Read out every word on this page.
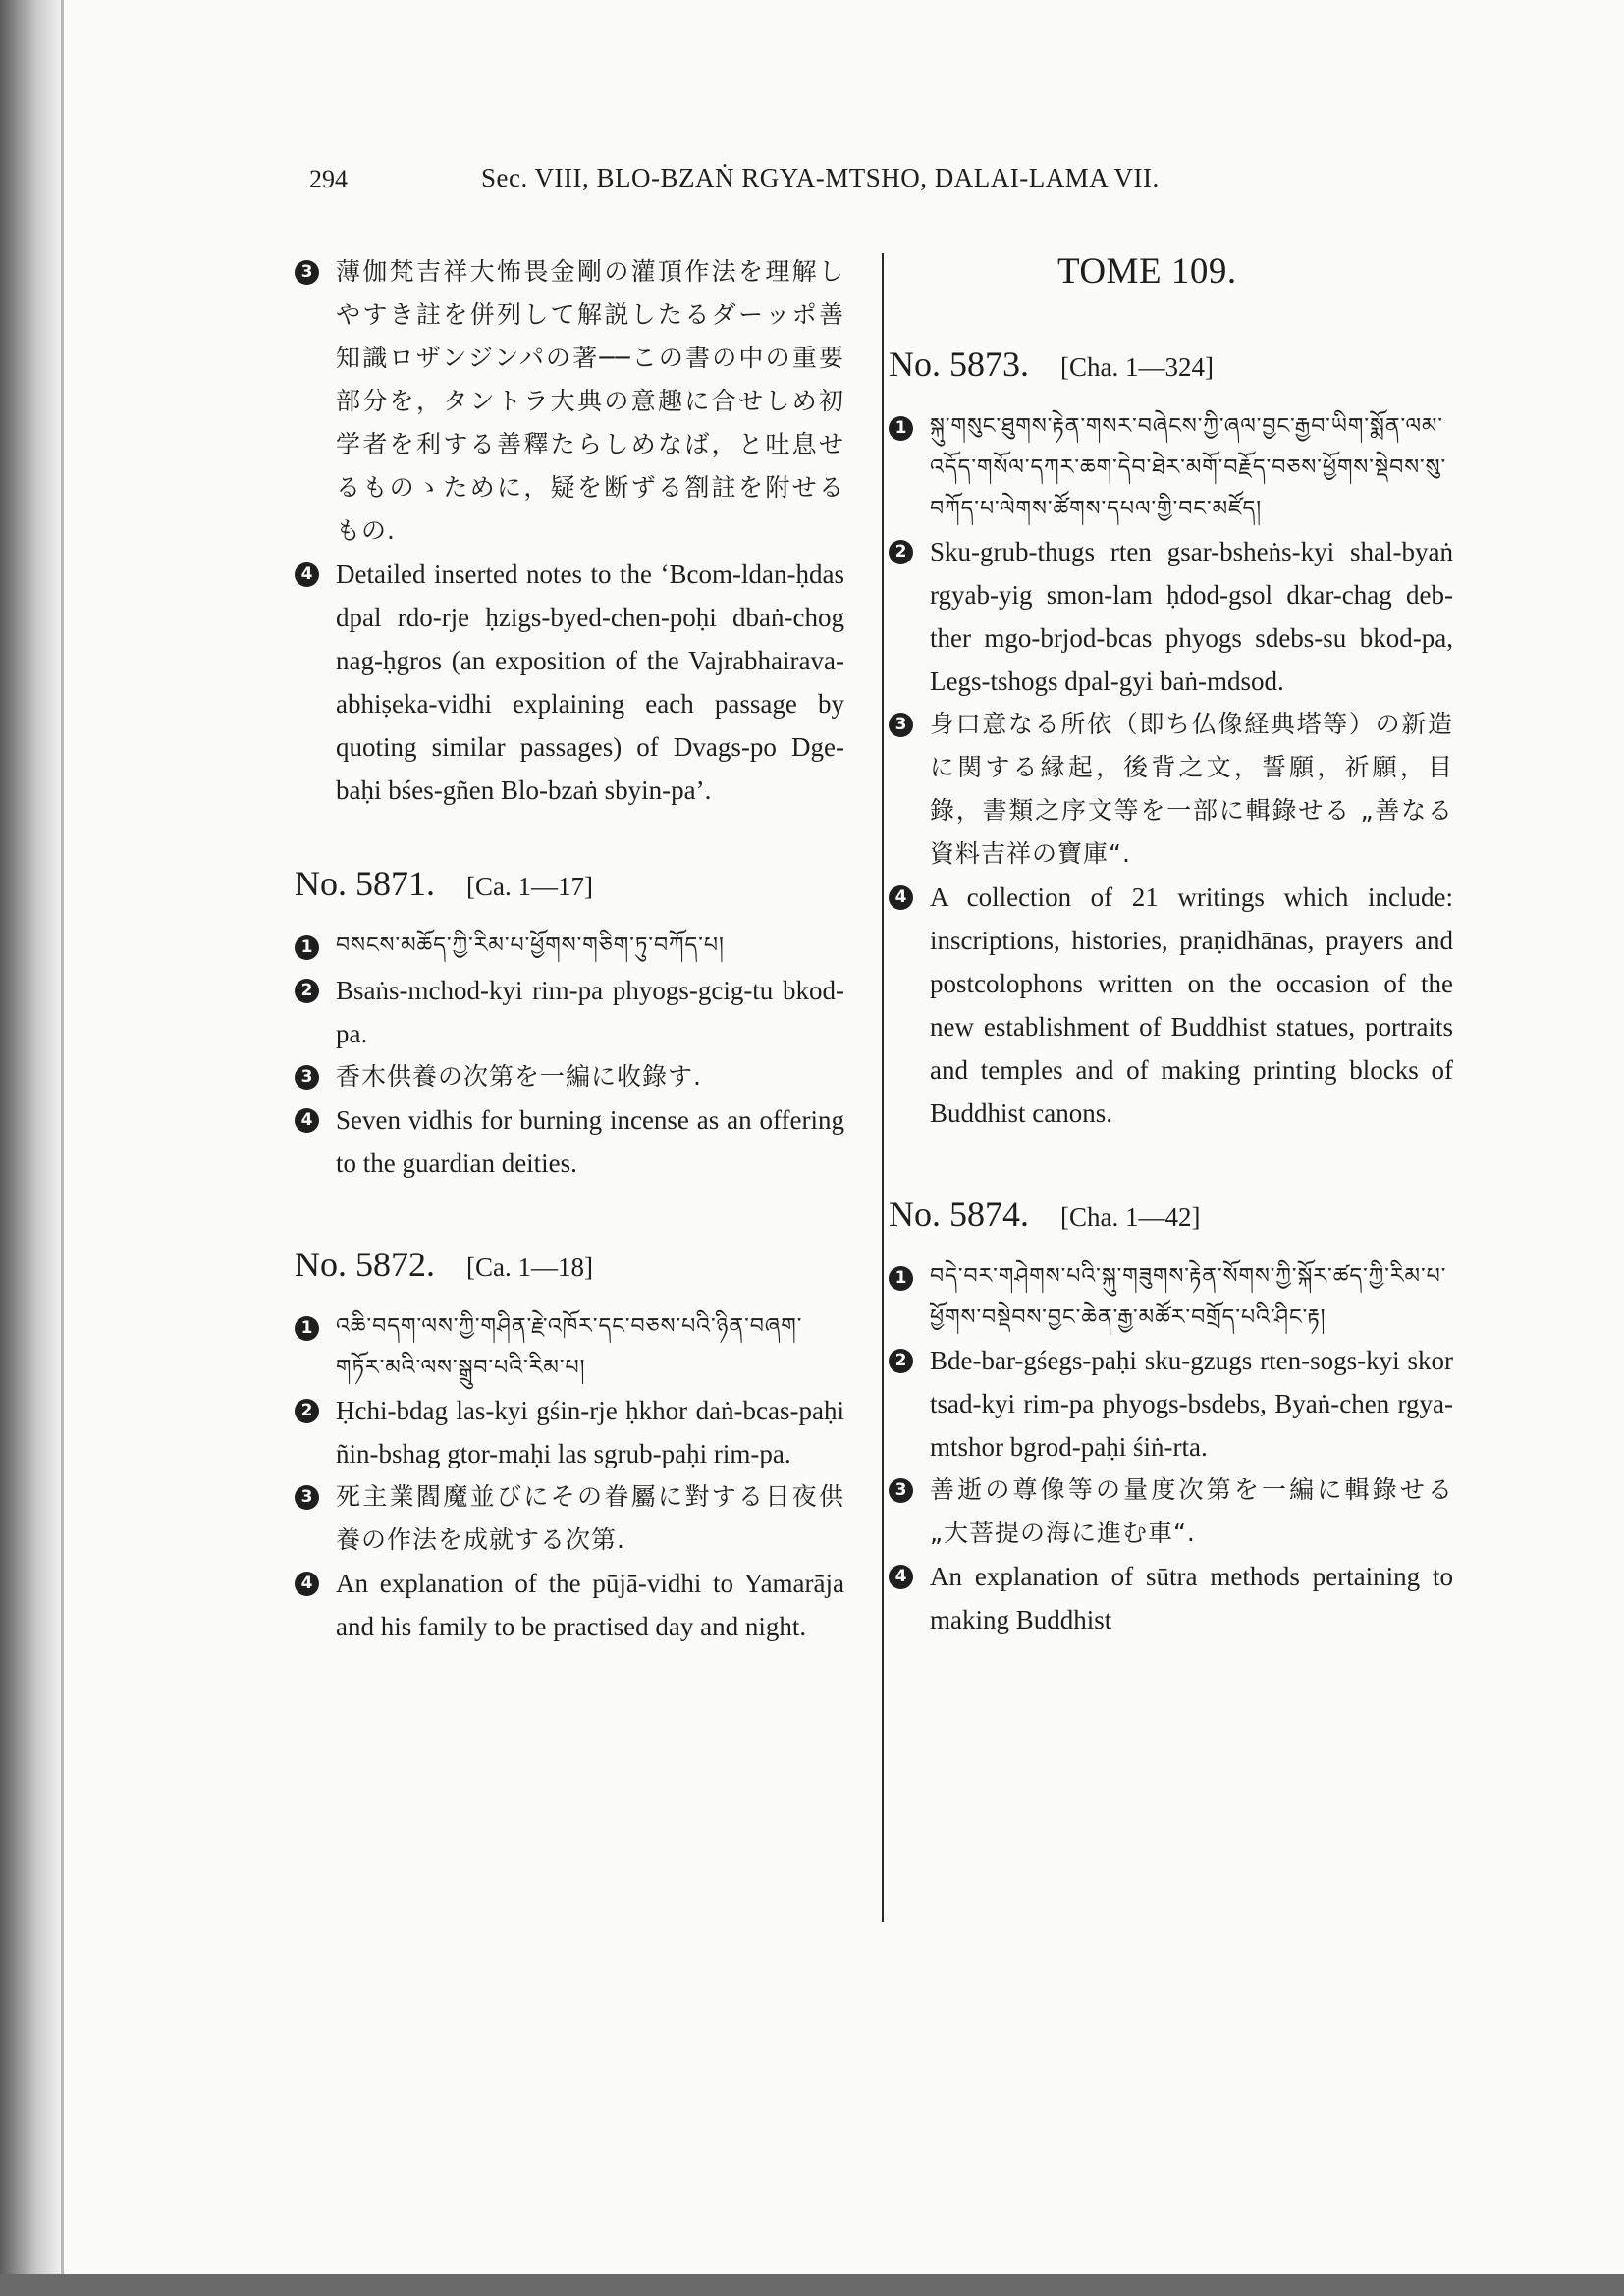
294	Sec. VIII, BLO-BZAṄ RGYA-MTSHO, DALAI-LAMA VII.
3 薄伽梵吉祥大怖畏金剛の灌頂作法を理解しやすき註を併列して解説したるダーッポ善知識ロザンジンパの著──この書の中の重要部分を，タントラ大典の意趣に合せしめ初学者を利する善釋たらしめなば，と吐息せるものゝために，疑を断ずる劄註を附せるもの.
4 Detailed inserted notes to the ‘Bcom-ldan-ḥdas dpal rdo-rje ḥzigs-byed-chen-poḥi dbaṅ-chog nag-ḥgros (an exposition of the Vajrabhairava-abhiṣeka-vidhi explaining each passage by quoting similar passages) of Dvags-po Dge-baḥi bśes-gñen Blo-bzaṅ sbyin-pa’.
No. 5871. [Ca. 1—17]
1	བསངས་མཆོད་ཀྱི་རིམ་པ་ཕྱོགས་གཅིག་ཏུ་བཀོད་པ།
2 Bsaṅs-mchod-kyi rim-pa phyogs-gcig-tu bkod-pa.
3 香木供養の次第を一編に收錄す.
4 Seven vidhis for burning incense as an offering to the guardian deities.
No. 5872. [Ca. 1—18]
1	འཆི་བདག་ལས་ཀྱི་གཤིན་རྗེ་འཁོར་དང་བཅས་པའི་ཉིན་བཞག་གཏོར་མའི་ལས་སྒྲུབ་པའི་རིམ་པ།
2 Ḥchi-bdag las-kyi gśin-rje ḥkhor daṅ-bcas-paḥi ñin-bshag gtor-maḥi las sgrub-paḥi rim-pa.
3 死主業閻魔並びにその眷屬に對する日夜供養の作法を成就する次第.
4 An explanation of the pūjā-vidhi to Yamarāja and his family to be practised day and night.
TOME 109.
No. 5873. [Cha. 1—324]
1	སྐུ་གསུང་ཐུགས་རྟེན་གསར་བཞེངས་ཀྱི་ཞལ་བྱང་རྒྱབ་ཡིག་སྨོན་ལམ་འདོད་གསོལ་དཀར་ཆག་དེབ་ཐེར་མགོ་བརྗོད་བཅས་ཕྱོགས་སྡེབས་སུ་བཀོད་པ་ལེགས་ཚོགས་དཔལ་གྱི་བང་མཛོད།
2 Sku-grub-thugs rten gsar-bsheṅs-kyi shal-byaṅ rgyab-yig smon-lam ḥdod-gsol dkar-chag deb-ther mgo-brjod-bcas phyogs sdebs-su bkod-pa, Legs-tshogs dpal-gyi baṅ-mdsod.
3 身口意なる所依（即ち仏像経典塔等）の新造に関する縁起，後背之文，誓願，祈願，目錄，書類之序文等を一部に輯錄せる „善なる資料吉祥の寶庫“.
4 A collection of 21 writings which include: inscriptions, histories, praṇidhānas, prayers and postcolophons written on the occasion of the new establishment of Buddhist statues, portraits and temples and of making printing blocks of Buddhist canons.
No. 5874. [Cha. 1—42]
1	བདེ་བར་གཤེགས་པའི་སྐུ་གཟུགས་རྟེན་སོགས་ཀྱི་སྐོར་ཚད་ཀྱི་རིམ་པ་ཕྱོགས་བསྡེབས་བྱང་ཆེན་རྒྱ་མཚོར་བགྲོད་པའི་ཤིང་རྟ།
2 Bde-bar-gśegs-paḥi sku-gzugs rten-sogs-kyi skor tsad-kyi rim-pa phyogs-bsdebs, Byaṅ-chen rgya-mtshor bgrod-paḥi śiṅ-rta.
3 善逝の尊像等の量度次第を一編に輯錄せる „大菩提の海に進む車“.
4 An explanation of sūtra methods pertaining to making Buddhist
